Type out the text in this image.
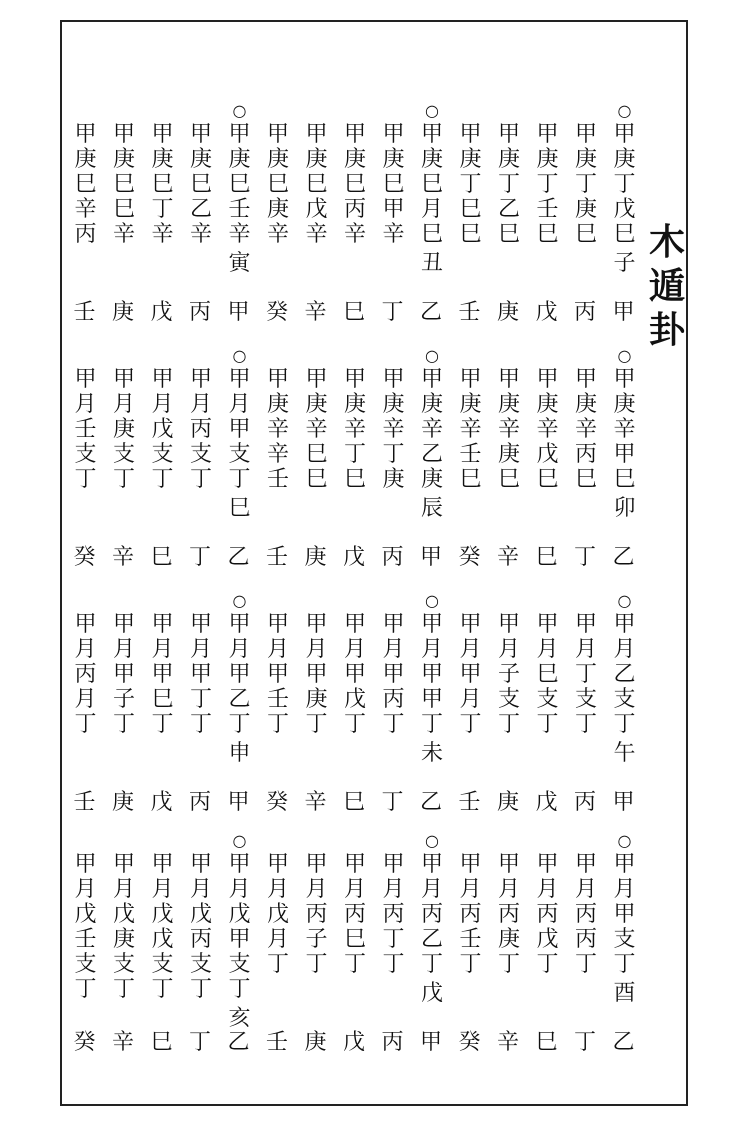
木遁卦
○
甲庚丁戊巳
子
甲
甲庚丁庚巳
丙
甲庚丁壬巳
戊
甲庚丁乙巳
庚
甲庚丁巳巳
壬
○
甲庚巳月巳
丑
乙
甲庚巳甲辛
丁
甲庚巳丙辛
巳
甲庚巳戊辛
辛
甲庚巳庚辛
癸
○
甲庚巳壬辛
寅
甲
甲庚巳乙辛
丙
甲庚巳丁辛
戊
甲庚巳巳辛
庚
甲庚巳辛丙
壬
○
甲庚辛甲巳
卯
乙
甲庚辛丙巳
丁
甲庚辛戊巳
巳
甲庚辛庚巳
辛
甲庚辛壬巳
癸
○
甲庚辛乙庚
辰
甲
甲庚辛丁庚
丙
甲庚辛丁巳
戊
甲庚辛巳巳
庚
甲庚辛辛壬
壬
○
甲月甲支丁
巳
乙
甲月丙支丁
丁
甲月戊支丁
巳
甲月庚支丁
辛
甲月壬支丁
癸
○
甲月乙支丁
午
甲
甲月丁支丁
丙
甲月巳支丁
戊
甲月子支丁
庚
甲月甲月丁
壬
○
甲月甲甲丁
未
乙
甲月甲丙丁
丁
甲月甲戊丁
巳
甲月甲庚丁
辛
甲月甲壬丁
癸
○
甲月甲乙丁
申
甲
甲月甲丁丁
丙
甲月甲巳丁
戊
甲月甲子丁
庚
甲月丙月丁
壬
○
甲月甲支丁
酉
乙
甲月丙丙丁
丁
甲月丙戊丁
巳
甲月丙庚丁
辛
甲月丙壬丁
癸
○
甲月丙乙丁
戊
甲
甲月丙丁丁
丙
甲月丙巳丁
戊
甲月丙子丁
庚
甲月戊月丁
壬
○
甲月戊甲支丁
亥
乙
甲月戊丙支丁
丁
甲月戊戊支丁
巳
甲月戊庚支丁
辛
甲月戊壬支丁
癸
